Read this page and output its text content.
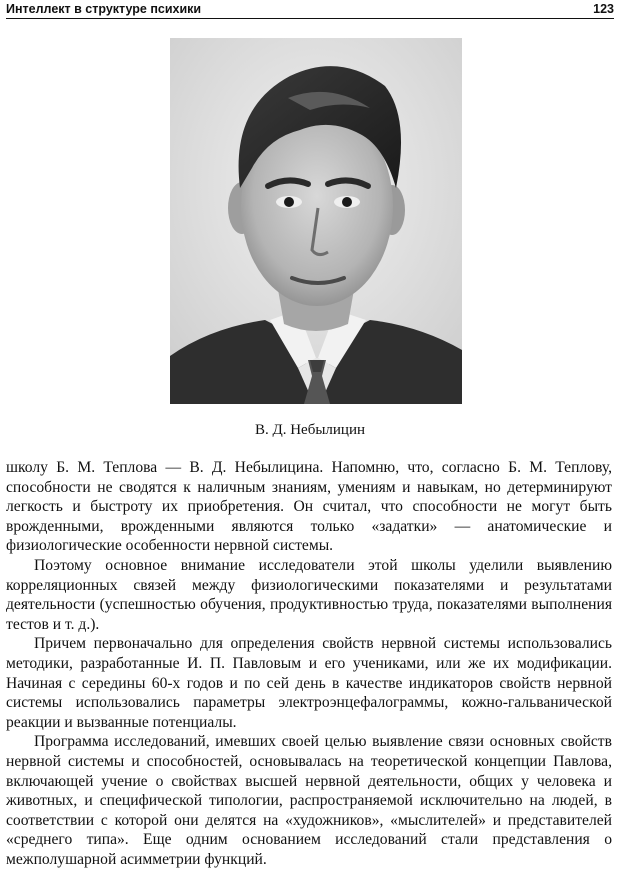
Интеллект в структуре психики	123
В. Д. Небылицин

школу Б. М. Теплова — В. Д. Небылицина. Напомню, что, согласно Б. М. Теплову, способности не сводятся к наличным знаниям, умениям и навыкам, но детерминируют легкость и быстроту их приобретения. Он считал, что способности не могут быть врожденными, врожденными являются только «задатки» — анатомические и физиологические особенности нервной системы.

Поэтому основное внимание исследователи этой школы уделили выявлению корреляционных связей между физиологическими показателями и результатами деятельности (успешностью обучения, продуктивностью труда, показателями выполнения тестов и т. д.).

Причем первоначально для определения свойств нервной системы использовались методики, разработанные И. П. Павловым и его учениками, или же их модификации. Начиная с середины 60-х годов и по сей день в качестве индикаторов свойств нервной системы использовались параметры электроэнцефалограммы, кожно-гальванической реакции и вызванные потенциалы.

Программа исследований, имевших своей целью выявление связи основных свойств нервной системы и способностей, основывалась на теоретической концепции Павлова, включающей учение о свойствах высшей нервной деятельности, общих у человека и животных, и специфической типологии, распространяемой исключительно на людей, в соответствии с которой они делятся на «художников», «мыслителей» и представителей «среднего типа». Еще одним основанием исследований стали представления о межполушарной асимметрии функций.
